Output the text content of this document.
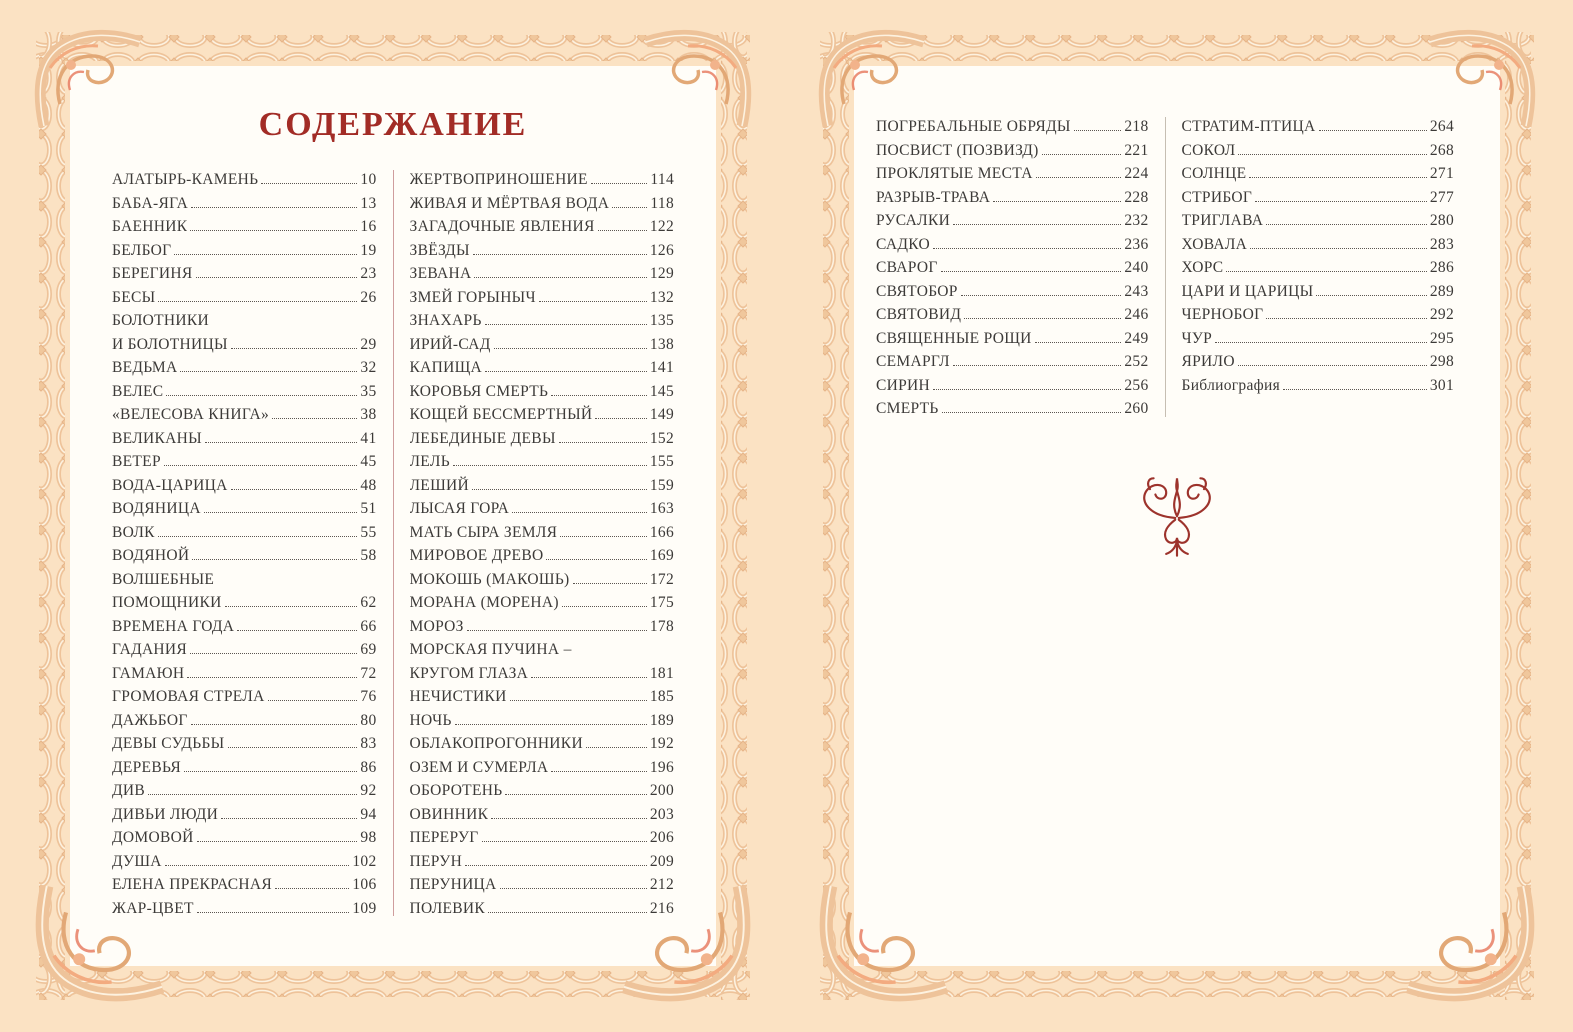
СОДЕРЖАНИЕ
АЛАТЫРЬ-КАМЕНЬ	10
БАБА-ЯГА	13
БАЕННИК	16
БЕЛБОГ	19
БЕРЕГИНЯ	23
БЕСЫ	26
БОЛОТНИКИ
И БОЛОТНИЦЫ	29
ВЕДЬМА	32
ВЕЛЕС	35
«ВЕЛЕСОВА КНИГА»	38
ВЕЛИКАНЫ	41
ВЕТЕР	45
ВОДА-ЦАРИЦА	48
ВОДЯНИЦА	51
ВОЛК	55
ВОДЯНОЙ	58
ВОЛШЕБНЫЕ
ПОМОЩНИКИ	62
ВРЕМЕНА ГОДА	66
ГАДАНИЯ	69
ГАМАЮН	72
ГРОМОВАЯ СТРЕЛА	76
ДАЖЬБОГ	80
ДЕВЫ СУДЬБЫ	83
ДЕРЕВЬЯ	86
ДИВ	92
ДИВЬИ ЛЮДИ	94
ДОМОВОЙ	98
ДУША	102
ЕЛЕНА ПРЕКРАСНАЯ	106
ЖАР-ЦВЕТ	109
ЖЕРТВОПРИНОШЕНИЕ	114
ЖИВАЯ И МЁРТВАЯ ВОДА	118
ЗАГАДОЧНЫЕ ЯВЛЕНИЯ	122
ЗВЁЗДЫ	126
ЗЕВАНА	129
ЗМЕЙ ГОРЫНЫЧ	132
ЗНАХАРЬ	135
ИРИЙ-САД	138
КАПИЩА	141
КОРОВЬЯ СМЕРТЬ	145
КОЩЕЙ БЕССМЕРТНЫЙ	149
ЛЕБЕДИНЫЕ ДЕВЫ	152
ЛЕЛЬ	155
ЛЕШИЙ	159
ЛЫСАЯ ГОРА	163
МАТЬ СЫРА ЗЕМЛЯ	166
МИРОВОЕ ДРЕВО	169
МОКОШЬ (МАКОШЬ)	172
МОРАНА (МОРЕНА)	175
МОРОЗ	178
МОРСКАЯ ПУЧИНА –
КРУГОМ ГЛАЗА	181
НЕЧИСТИКИ	185
НОЧЬ	189
ОБЛАКОПРОГОННИКИ	192
ОЗЕМ И СУМЕРЛА	196
ОБОРОТЕНЬ	200
ОВИННИК	203
ПЕРЕРУГ	206
ПЕРУН	209
ПЕРУНИЦА	212
ПОЛЕВИК	216
ПОГРЕБАЛЬНЫЕ ОБРЯДЫ	218
ПОСВИСТ (ПОЗВИЗД)	221
ПРОКЛЯТЫЕ МЕСТА	224
РАЗРЫВ-ТРАВА	228
РУСАЛКИ	232
САДКО	236
СВАРОГ	240
СВЯТОБОР	243
СВЯТОВИД	246
СВЯЩЕННЫЕ РОЩИ	249
СЕМАРГЛ	252
СИРИН	256
СМЕРТЬ	260
СТРАТИМ-ПТИЦА	264
СОКОЛ	268
СОЛНЦЕ	271
СТРИБОГ	277
ТРИГЛАВА	280
ХОВАЛА	283
ХОРС	286
ЦАРИ И ЦАРИЦЫ	289
ЧЕРНОБОГ	292
ЧУР	295
ЯРИЛО	298
Библиография	301
